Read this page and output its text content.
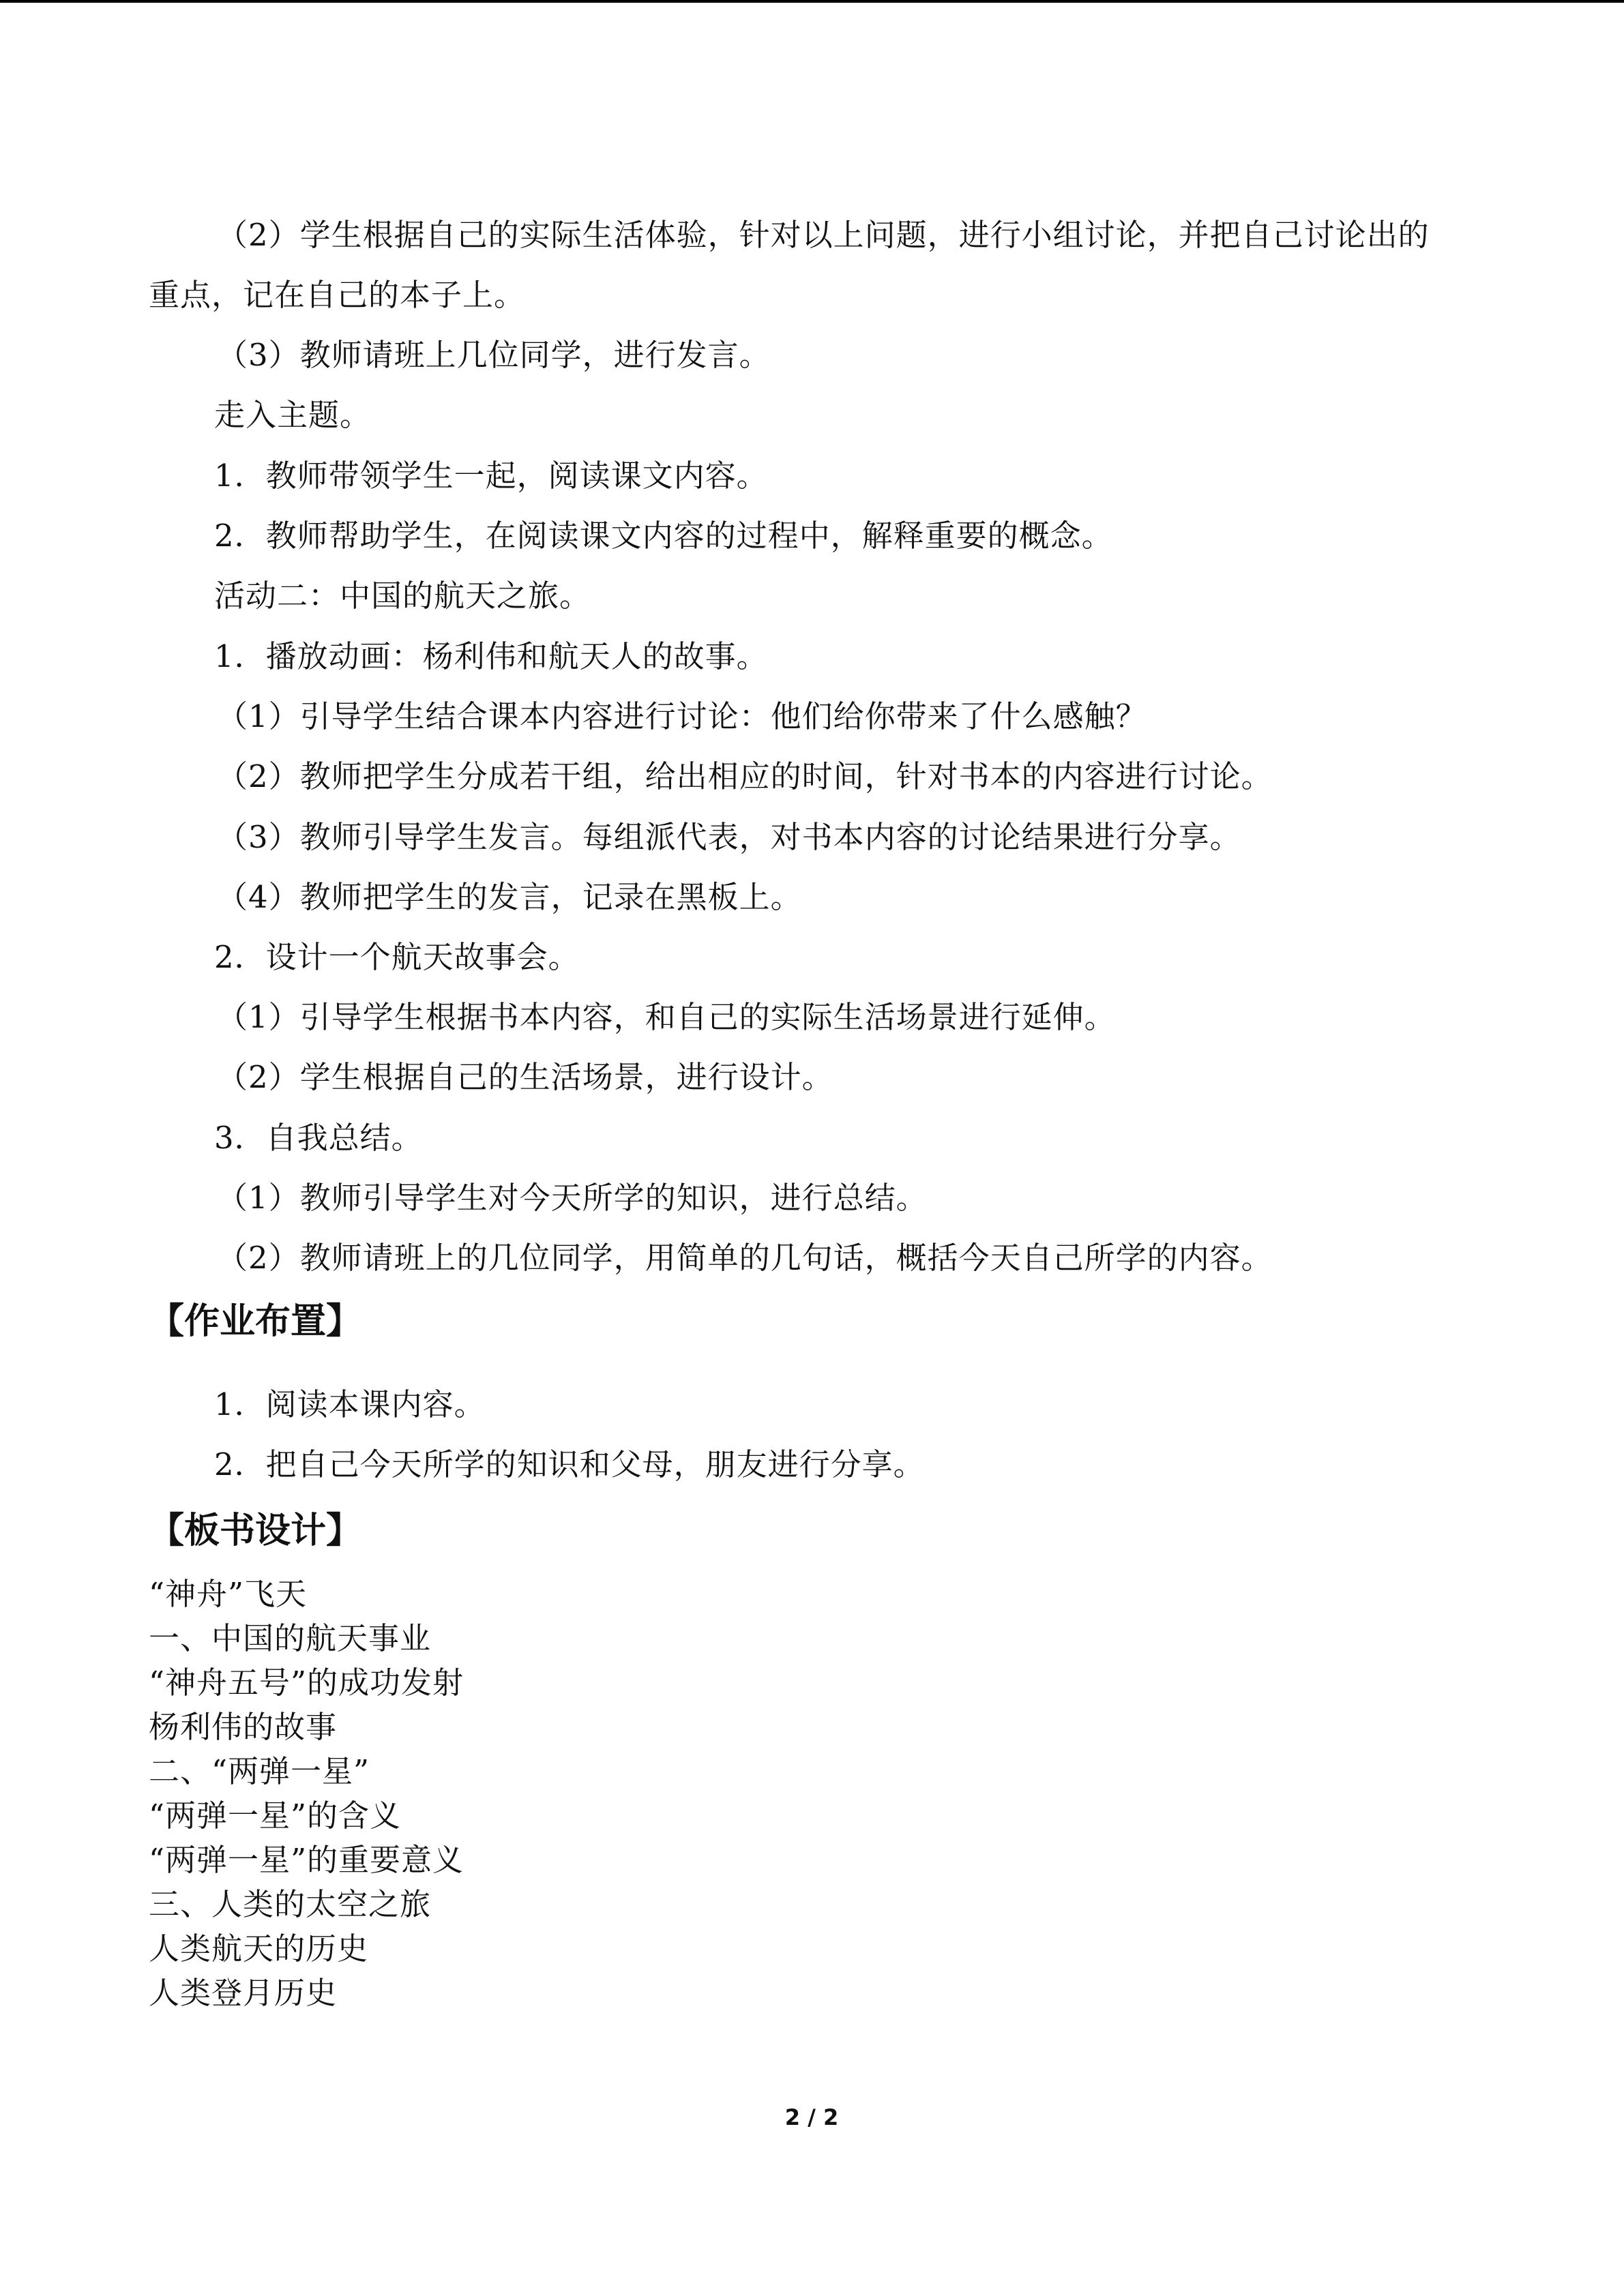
（2）学生根据自己的实际生活体验，针对以上问题，进行小组讨论，并把自己讨论出的
重点，记在自己的本子上。
（3）教师请班上几位同学，进行发言。
走入主题。
1．教师带领学生一起，阅读课文内容。
2．教师帮助学生，在阅读课文内容的过程中，解释重要的概念。
活动二：中国的航天之旅。
1．播放动画：杨利伟和航天人的故事。
（1）引导学生结合课本内容进行讨论：他们给你带来了什么感触？
（2）教师把学生分成若干组，给出相应的时间，针对书本的内容进行讨论。
（3）教师引导学生发言。每组派代表，对书本内容的讨论结果进行分享。
（4）教师把学生的发言，记录在黑板上。
2．设计一个航天故事会。
（1）引导学生根据书本内容，和自己的实际生活场景进行延伸。
（2）学生根据自己的生活场景，进行设计。
3．自我总结。
（1）教师引导学生对今天所学的知识，进行总结。
（2）教师请班上的几位同学，用简单的几句话，概括今天自己所学的内容。
【作业布置】
1．阅读本课内容。
2．把自己今天所学的知识和父母，朋友进行分享。
【板书设计】
“神舟”飞天
一、中国的航天事业
“神舟五号”的成功发射
杨利伟的故事
二、“两弹一星”
“两弹一星”的含义
“两弹一星”的重要意义
三、人类的太空之旅
人类航天的历史
人类登月历史
2 / 2
